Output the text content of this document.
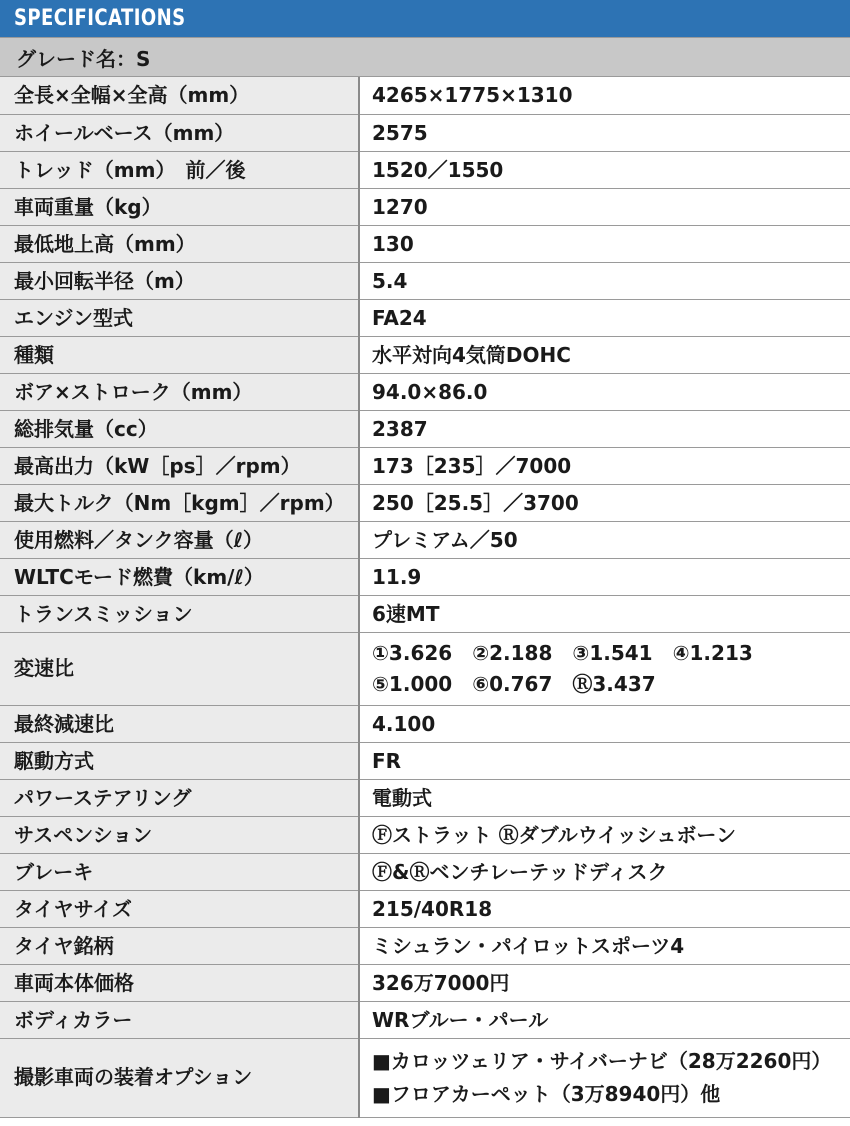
SPECIFICATIONS
グレード名：S
全長×全幅×全高（mm）	4265×1775×1310
ホイールベース（mm）	2575
トレッド（mm）　前／後	1520／1550
車両重量（kg）	1270
最低地上高（mm）	130
最小回転半径（m）	5.4
エンジン型式	FA24
種類	水平対向4気筒DOHC
ボア×ストローク（mm）	94.0×86.0
総排気量（cc）	2387
最高出力（kW［ps］／rpm）	173［235］／7000
最大トルク（Nm［kgm］／rpm）	250［25.5］／3700
使用燃料／タンク容量（ℓ）	プレミアム／50
WLTCモード燃費（km/ℓ）	11.9
トランスミッション	6速MT
変速比	①3.626　②2.188　③1.541　④1.213　⑤1.000　⑥0.767　Ⓡ3.437
最終減速比	4.100
駆動方式	FR
パワーステアリング	電動式
サスペンション	Ⓕストラット Ⓡダブルウイッシュボーン
ブレーキ	Ⓕ&Ⓡベンチレーテッドディスク
タイヤサイズ	215/40R18
タイヤ銘柄	ミシュラン・パイロットスポーツ4
車両本体価格	326万7000円
ボディカラー	WRブルー・パール
撮影車両の装着オプション	■カロッツェリア・サイバーナビ（28万2260円）■フロアカーペット（3万8940円）他
